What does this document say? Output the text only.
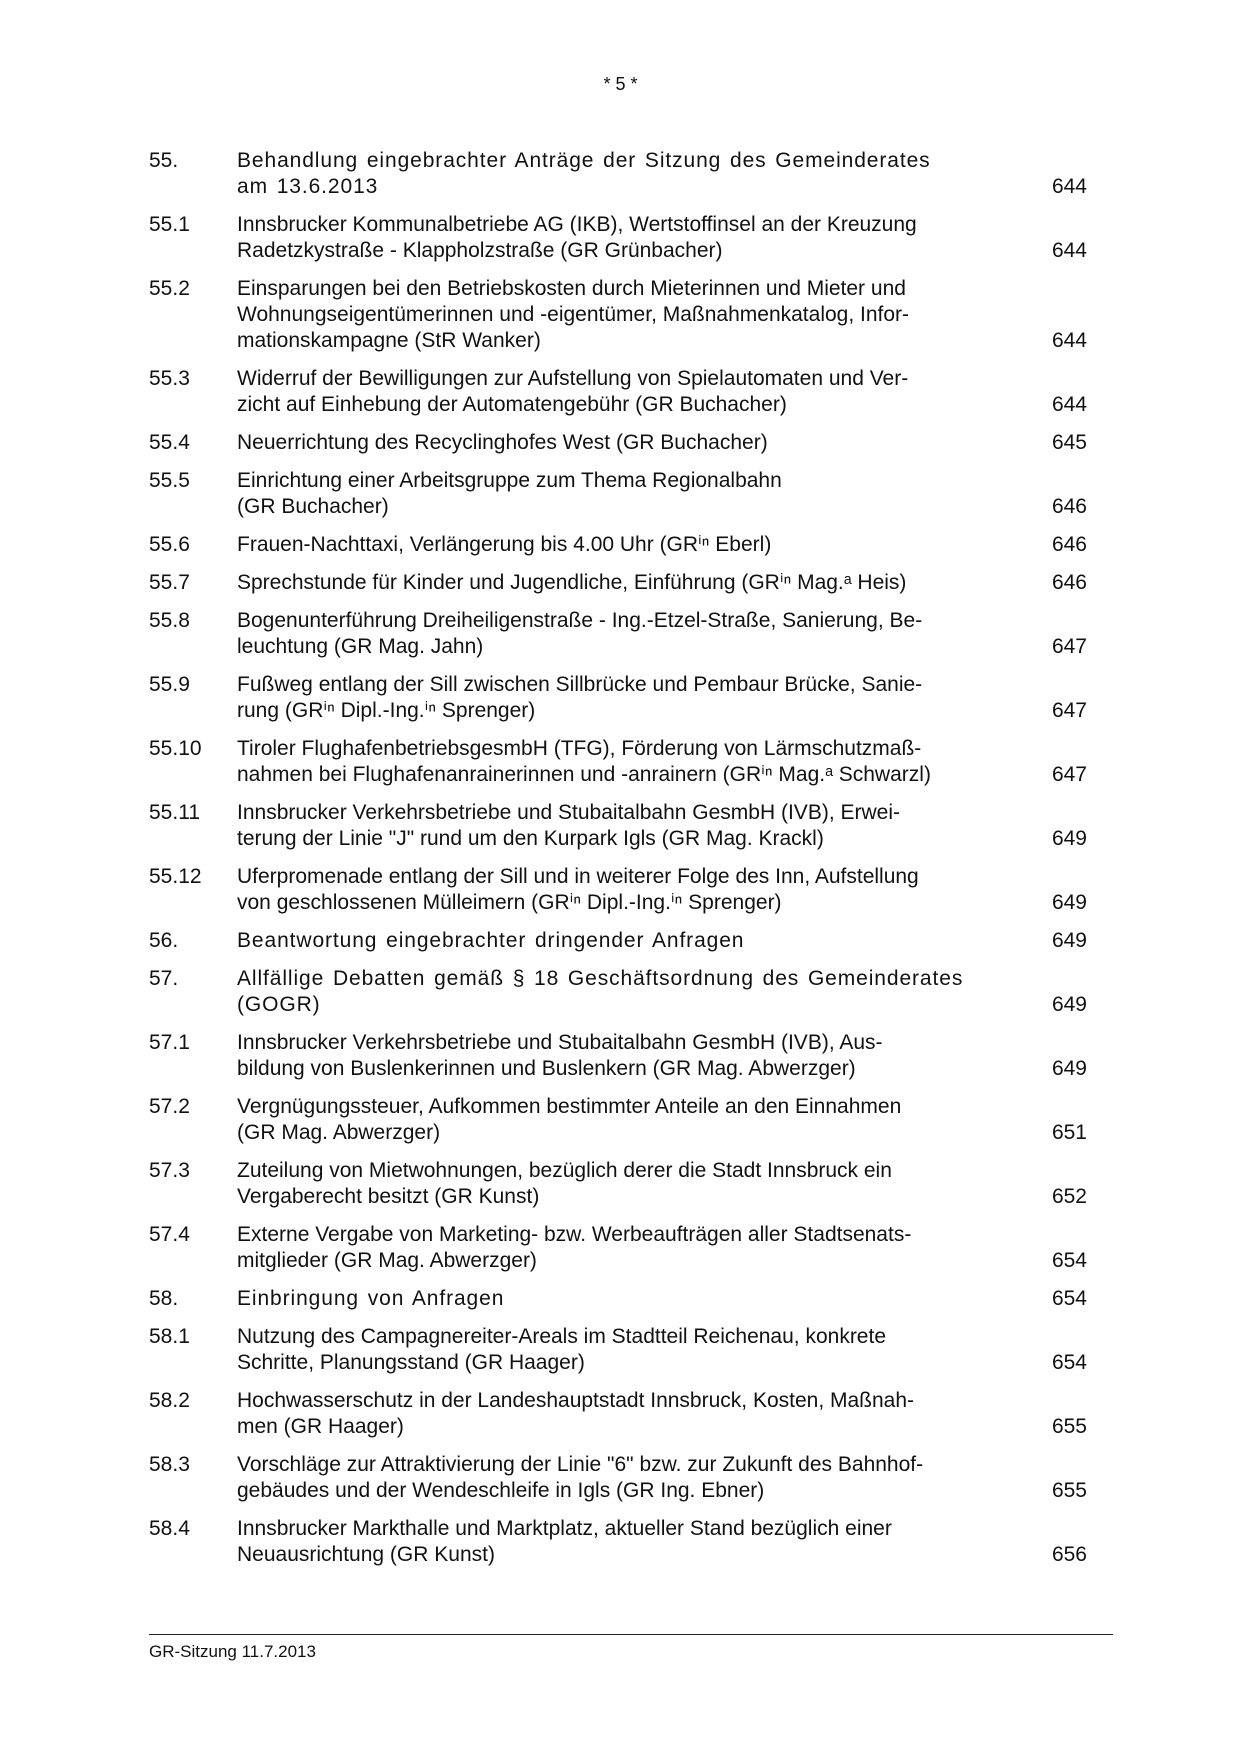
* 5 *
55.	Behandlung eingebrachter Anträge der Sitzung des Gemeinderates
am 13.6.2013	644
55.1	Innsbrucker Kommunalbetriebe AG (IKB), Wertstoffinsel an der Kreuzung
Radetzkystraße - Klappholzstraße (GR Grünbacher)	644
55.2	Einsparungen bei den Betriebskosten durch Mieterinnen und Mieter und
Wohnungseigentümerinnen und -eigentümer, Maßnahmenkatalog, Infor-
mationskampagne (StR Wanker)	644
55.3	Widerruf der Bewilligungen zur Aufstellung von Spielautomaten und Ver-
zicht auf Einhebung der Automatengebühr (GR Buchacher)	644
55.4	Neuerrichtung des Recyclinghofes West (GR Buchacher)	645
55.5	Einrichtung einer Arbeitsgruppe zum Thema Regionalbahn
(GR Buchacher)	646
55.6	Frauen-Nachttaxi, Verlängerung bis 4.00 Uhr (GRⁱⁿ Eberl)	646
55.7	Sprechstunde für Kinder und Jugendliche, Einführung (GRⁱⁿ Mag.ᵃ Heis)	646
55.8	Bogenunterführung Dreiheiligenstraße - Ing.-Etzel-Straße, Sanierung, Be-
leuchtung (GR Mag. Jahn)	647
55.9	Fußweg entlang der Sill zwischen Sillbrücke und Pembaur Brücke, Sanie-
rung (GRⁱⁿ Dipl.-Ing.ⁱⁿ Sprenger)	647
55.10	Tiroler FlughafenbetriebsgesmbH (TFG), Förderung von Lärmschutzmaß-
nahmen bei Flughafenanrainerinnen und -anrainern (GRⁱⁿ Mag.ᵃ Schwarzl)	647
55.11	Innsbrucker Verkehrsbetriebe und Stubaitalbahn GesmbH (IVB), Erwei-
terung der Linie "J" rund um den Kurpark Igls (GR Mag. Krackl)	649
55.12	Uferpromenade entlang der Sill und in weiterer Folge des Inn, Aufstellung
von geschlossenen Mülleimern (GRⁱⁿ Dipl.-Ing.ⁱⁿ Sprenger)	649
56.	Beantwortung eingebrachter dringender Anfragen	649
57.	Allfällige Debatten gemäß § 18 Geschäftsordnung des Gemeinderates
(GOGR)	649
57.1	Innsbrucker Verkehrsbetriebe und Stubaitalbahn GesmbH (IVB), Aus-
bildung von Buslenkerinnen und Buslenkern (GR Mag. Abwerzger)	649
57.2	Vergnügungssteuer, Aufkommen bestimmter Anteile an den Einnahmen
(GR Mag. Abwerzger)	651
57.3	Zuteilung von Mietwohnungen, bezüglich derer die Stadt Innsbruck ein
Vergaberecht besitzt (GR Kunst)	652
57.4	Externe Vergabe von Marketing- bzw. Werbeaufträgen aller Stadtsenats-
mitglieder (GR Mag. Abwerzger)	654
58.	Einbringung von Anfragen	654
58.1	Nutzung des Campagnereiter-Areals im Stadtteil Reichenau, konkrete
Schritte, Planungsstand (GR Haager)	654
58.2	Hochwasserschutz in der Landeshauptstadt Innsbruck, Kosten, Maßnah-
men (GR Haager)	655
58.3	Vorschläge zur Attraktivierung der Linie "6" bzw. zur Zukunft des Bahnhof-
gebäudes und der Wendeschleife in Igls (GR Ing. Ebner)	655
58.4	Innsbrucker Markthalle und Marktplatz, aktueller Stand bezüglich einer
Neuausrichtung (GR Kunst)	656
GR-Sitzung 11.7.2013
